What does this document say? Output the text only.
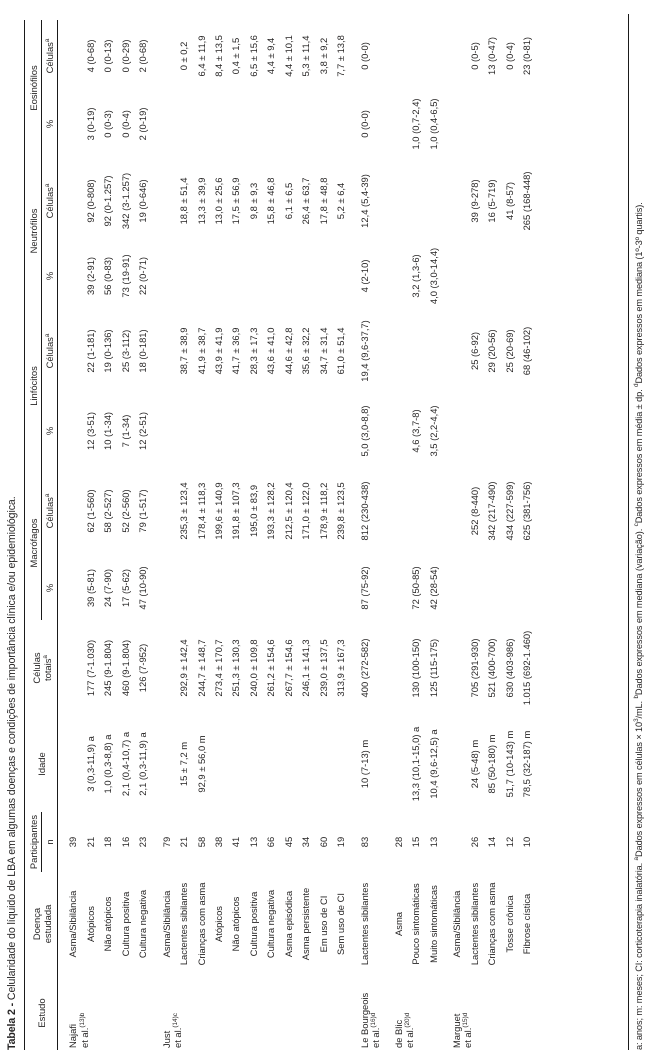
Tabela 2 - Celularidade do líquido de LBA em algumas doenças e condições de importância clínica e/ou epidemiológica.
Estudo	Doença
estudada	Participantes	Idade	Células
totais$^a$	Macrófagos		Linfócitos		Neutrófilos		Eosinófilos	
		n			%	Células$^a$	%	Células$^a$	%	Células$^a$	%	Células$^a$

Najafi et al.$^{(13)b}$	Asma/Sibilância	39										
	Atópicos	21	3 (0,3-11,9) a	177 (7-1.030)	39 (5-81)	62 (1-560)	12 (3-51)	22 (1-181)	39 (2-91)	92 (0-808)	3 (0-19)	4 (0-68)
	Não atópicos	18	1,0 (0,3-8,8) a	245 (9-1.804)	24 (7-90)	58 (2-527)	10 (1-34)	19 (0-136)	56 (0-83)	92 (0-1.257)	0 (0-3)	0 (0-13)
	Cultura positiva	16	2,1 (0,4-10,7) a	460 (9-1.804)	17 (5-62)	52 (2-560)	7 (1-34)	25 (3-112)	73 (19-91)	342 (3-1.257)	0 (0-4)	0 (0-29)
	Cultura negativa	23	2,1 (0,3-11,9) a	126 (7-952)	47 (10-90)	79 (1-517)	12 (2-51)	18 (0-181)	22 (0-71)	19 (0-646)	2 (0-19)	2 (0-68)

Just et al.$^{(14)c}$	Asma/Sibilância	79										
	Lactentes sibilantes	21	15 ± 7,2 m	292,9 ± 142,4		235,3 ± 123,4		38,7 ± 38,9		18,8 ± 51,4		0 ± 0,2
	Crianças com asma	58	92,9 ± 56,0 m	244,7 ± 148,7		178,4 ± 118,3		41,9 ± 38,7		13,3 ± 39,9		6,4 ± 11,9
	Atópicos	38		273,4 ± 170,7		199,6 ± 140,9		43,9 ± 41,9		13,0 ± 25,6		8,4 ± 13,5
	Não atópicos	41		251,3 ± 130,3		191,8 ± 107,3		41,7 ± 36,9		17,5 ± 56,9		0,4 ± 1,5
	Cultura positiva	13		240,0 ± 109,8		195,0 ± 83,9		28,3 ± 17,3		9,8 ± 9,3		6,5 ± 15,6
	Cultura negativa	66		261,2 ± 154,6		193,3 ± 128,2		43,6 ± 41,0		15,8 ± 46,8		4,4 ± 9,4
	Asma episódica	45		267,7 ± 154,6		212,5 ± 120,4		44,6 ± 42,8		6,1 ± 6,5		4,4 ± 10,1
	Asma persistente	34		246,1 ± 141,3		171,0 ± 122,0		35,6 ± 32,2		26,4 ± 63,7		5,3 ± 11,4
	Em uso de CI	60		239,0 ± 137,5		178,9 ± 118,2		34,7 ± 31,4		17,8 ± 48,8		3,8 ± 9,2
	Sem uso de CI	19		313,9 ± 167,3		239,8 ± 123,5		61,0 ± 51,4		5,2 ± 6,4		7,7 ± 13,8

Le Bourgeois et al.$^{(16)d}$	Lactentes sibilantes	83	10 (7-13) m	400 (272-582)	87 (75-92)	812 (230-438)	5,0 (3,0-8,8)	19,4 (9,6-37,7)	4 (2-10)	12,4 (5,4-39)	0 (0-0)	0 (0-0)

de Blic et al.$^{(20)d}$	Asma	28										
	Pouco sintomáticas	15	13,3 (10,1-15,0) a	130 (100-150)	72 (50-85)		4,6 (3,7-8)		3,2 (1,3-6)		1,0 (0,7-2,4)	
	Muito sintomáticas	13	10,4 (9,6-12,5) a	125 (115-175)	42 (28-54)		3,5 (2,2-4,4)		4,0 (3,0-14,4)		1,0 (0,4-6,5)	

Marguet et al.$^{(15)d}$	Asma/Sibilância											
	Lactentes sibilantes	26	24 (5-48) m	705 (291-930)		252 (8-440)		25 (6-92)		39 (9-278)		0 (0-5)
	Crianças com asma	14	85 (50-180) m	521 (400-700)		342 (217-490)		29 (20-56)		16 (5-719)		13 (0-47)
	Tosse crônica	12	51,7 (10-143) m	630 (403-986)		434 (227-599)		25 (20-69)		41 (8-57)		0 (0-4)
	Fibrose cística	10	78,5 (32-187) m	1.015 (692-1.460)		625 (381-756)		68 (46-102)		265 (168-448)		23 (0-81)
a: anos; m: meses; CI: corticoterapia inalatória. $^a$Dados expressos em células × $10^3/mL$. $^b$Dados expressos em mediana (variação). $^c$Dados expressos em média ± dp. $^d$Dados expressos em mediana (1º-3º quartis).
